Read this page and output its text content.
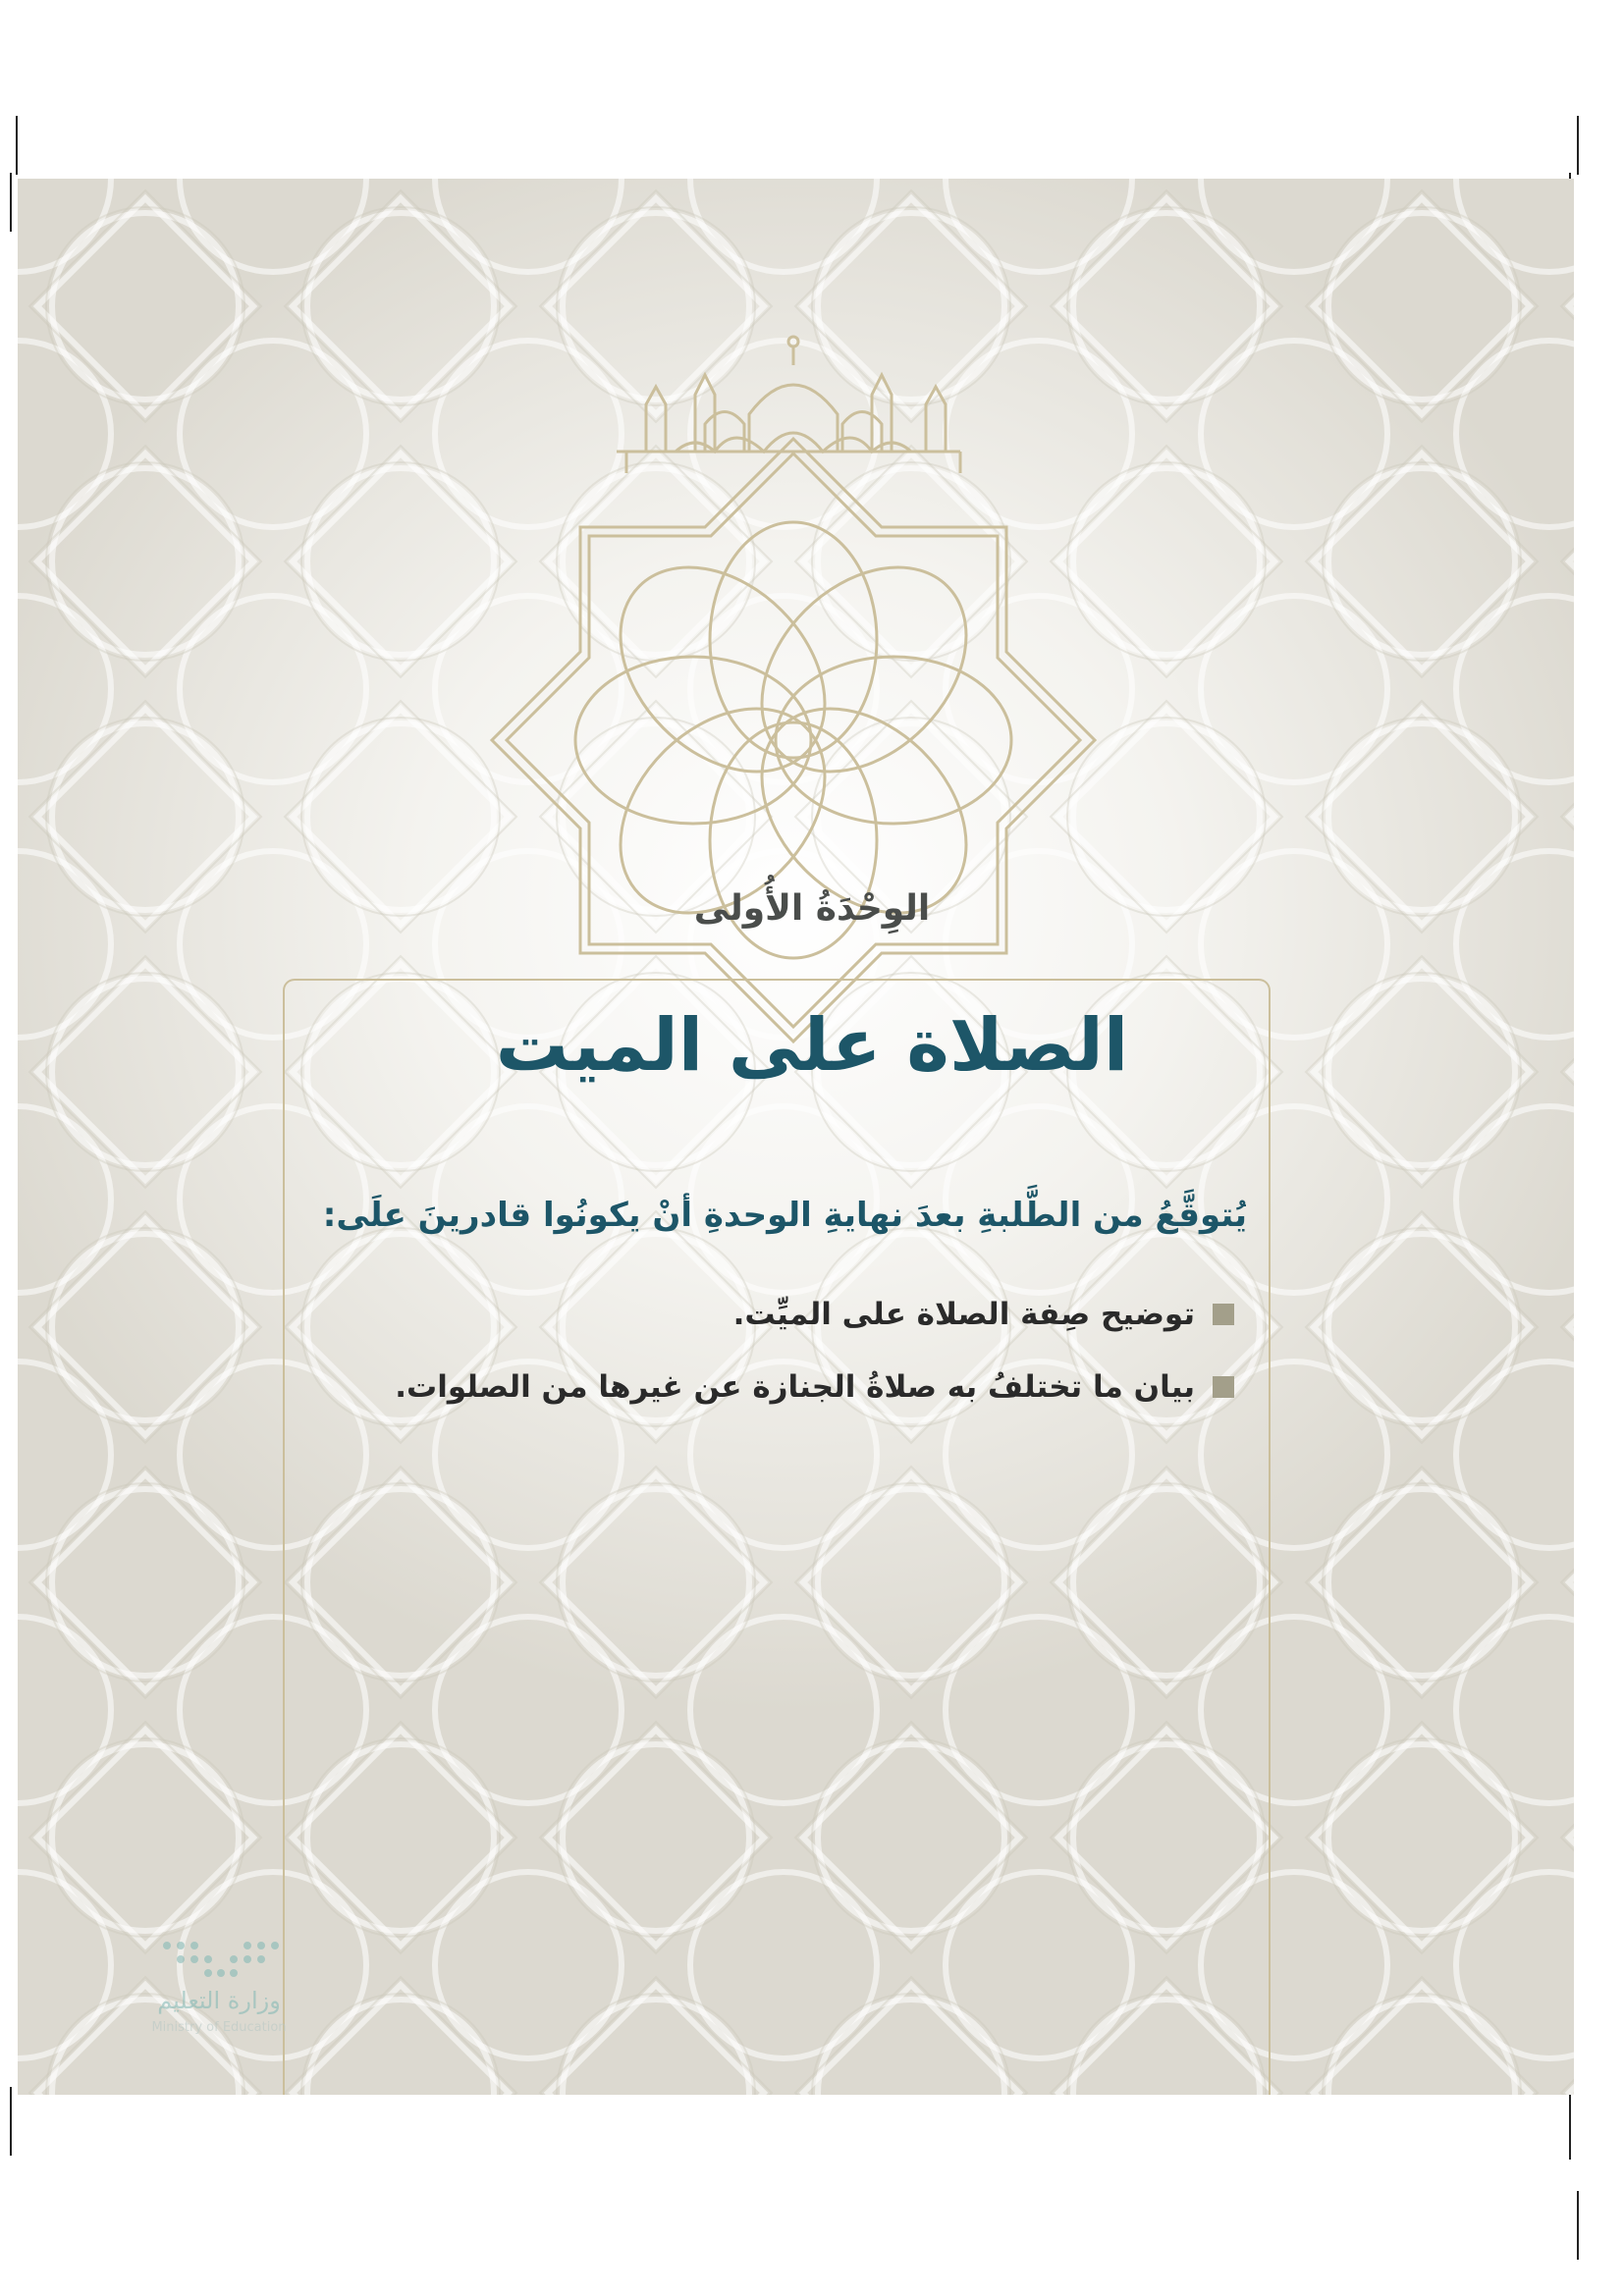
وزارة التعليم
Ministry of Education
الوِحْدَةُ الأُولى
الصلاة على الميت
يُتوقَّعُ من الطَّلبةِ بعدَ نهايةِ الوحدةِ أنْ يكونُوا قادرينَ علَى:
توضيح صِفة الصلاة على الميِّت.
بيان ما تختلفُ به صلاةُ الجنازة عن غيرها من الصلوات.
